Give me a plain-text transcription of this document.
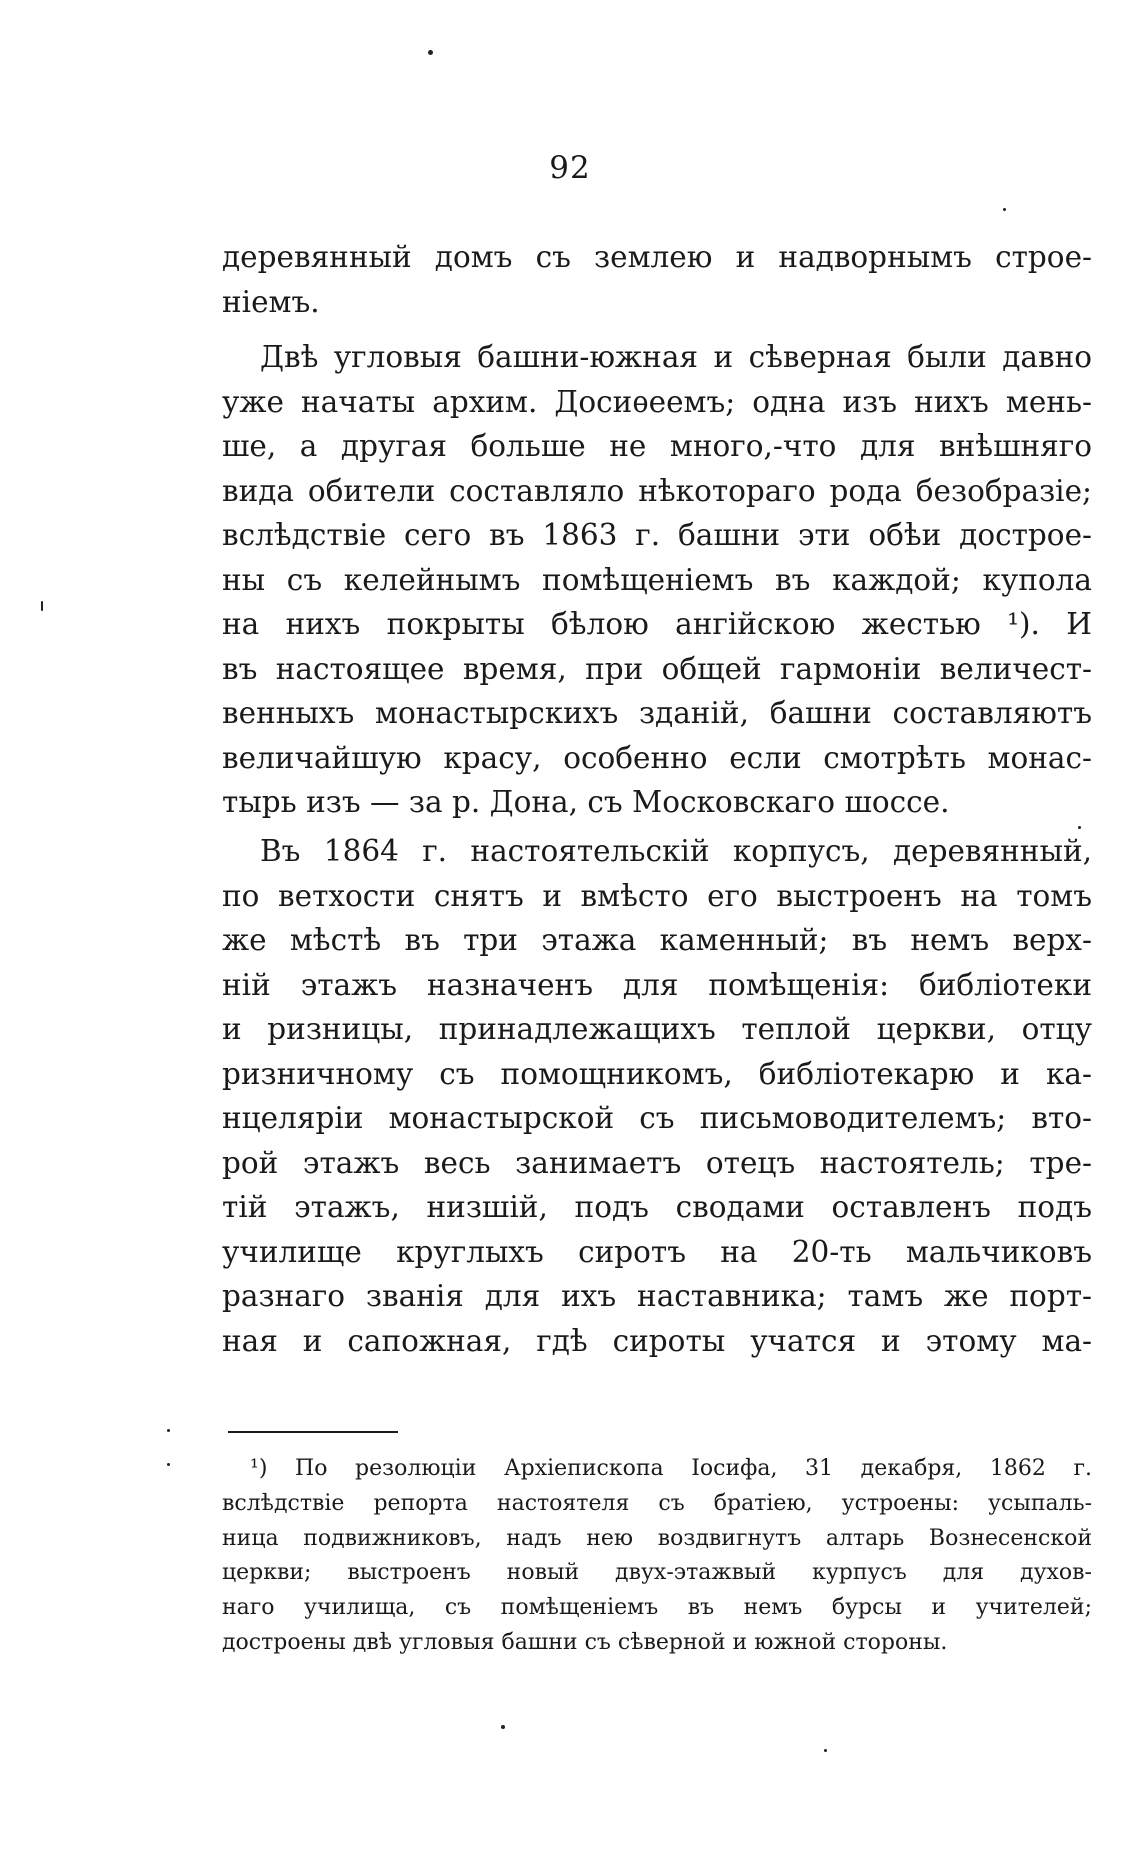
92
деревянный домъ съ землею и надворнымъ строе-
ніемъ.
Двѣ угловыя башни-южная и сѣверная были давно
уже начаты архим. Досиѳеемъ; одна изъ нихъ мень-
ше, а другая больше не много,-что для внѣшняго
вида обители составляло нѣкотораго рода безобразіе;
вслѣдствіе сего въ 1863 г. башни эти обѣи дострое-
ны съ келейнымъ помѣщеніемъ въ каждой; купола
на нихъ покрыты бѣлою ангійскою жестью ¹). И
въ настоящее время, при общей гармоніи величест-
венныхъ монастырскихъ зданій, башни составляютъ
величайшую красу, особенно если смотрѣть монас-
тырь изъ — за р. Дона, съ Московскаго шоссе.
Въ 1864 г. настоятельскій корпусъ, деревянный,
по ветхости снятъ и вмѣсто его выстроенъ на томъ
же мѣстѣ въ три этажа каменный; въ немъ верх-
ній этажъ назначенъ для помѣщенія: библіотеки
и ризницы, принадлежащихъ теплой церкви, отцу
ризничному съ помощникомъ, библіотекарю и ка-
нцеляріи монастырской съ письмоводителемъ; вто-
рой этажъ весь занимаетъ отецъ настоятель; тре-
тій этажъ, низшій, подъ сводами оставленъ подъ
училище круглыхъ сиротъ на 20-ть мальчиковъ
разнаго званія для ихъ наставника; тамъ же порт-
ная и сапожная, гдѣ сироты учатся и этому ма-
¹) По резолюціи Архіепископа Іосифа, 31 декабря, 1862 г.
вслѣдствіе репорта настоятеля съ братіею, устроены: усыпаль-
ница подвижниковъ, надъ нею воздвигнутъ алтарь Вознесенской
церкви; выстроенъ новый двух-этажвый курпусъ для духов-
наго училища, съ помѣщеніемъ въ немъ бурсы и учителей;
достроены двѣ угловыя башни съ сѣверной и южной стороны.
